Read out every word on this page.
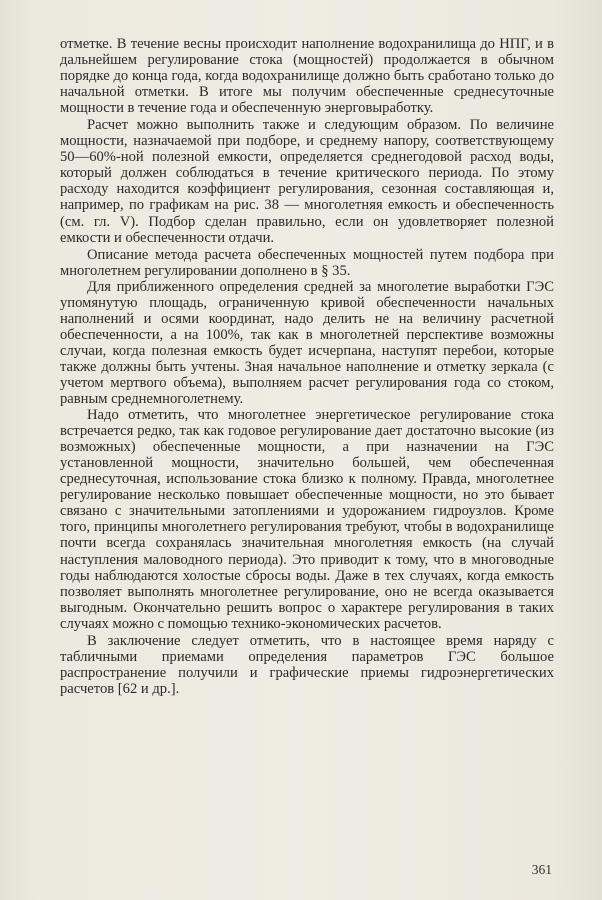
отметке. В течение весны происходит наполнение водохранилища до НПГ, и в дальнейшем регулирование стока (мощностей) продолжается в обычном порядке до конца года, когда водохранилище должно быть сработано только до начальной отметки. В итоге мы получим обеспеченные среднесуточные мощности в течение года и обеспеченную энерговыработку.

Расчет можно выполнить также и следующим образом. По величине мощности, назначаемой при подборе, и среднему напору, соответствующему 50—60%-ной полезной емкости, определяется среднегодовой расход воды, который должен соблюдаться в течение критического периода. По этому расходу находится коэффициент регулирования, сезонная составляющая и, например, по графикам на рис. 38 — многолетняя емкость и обеспеченность (см. гл. V). Подбор сделан правильно, если он удовлетворяет полезной емкости и обеспеченности отдачи.

Описание метода расчета обеспеченных мощностей путем подбора при многолетнем регулировании дополнено в § 35.

Для приближенного определения средней за многолетие выработки ГЭС упомянутую площадь, ограниченную кривой обеспеченности начальных наполнений и осями координат, надо делить не на величину расчетной обеспеченности, а на 100%, так как в многолетней перспективе возможны случаи, когда полезная емкость будет исчерпана, наступят перебои, которые также должны быть учтены. Зная начальное наполнение и отметку зеркала (с учетом мертвого объема), выполняем расчет регулирования года со стоком, равным среднемноголетнему.

Надо отметить, что многолетнее энергетическое регулирование стока встречается редко, так как годовое регулирование дает достаточно высокие (из возможных) обеспеченные мощности, а при назначении на ГЭС установленной мощности, значительно большей, чем обеспеченная среднесуточная, использование стока близко к полному. Правда, многолетнее регулирование несколько повышает обеспеченные мощности, но это бывает связано с значительными затоплениями и удорожанием гидроузлов. Кроме того, принципы многолетнего регулирования требуют, чтобы в водохранилище почти всегда сохранялась значительная многолетняя емкость (на случай наступления маловодного периода). Это приводит к тому, что в многоводные годы наблюдаются холостые сбросы воды. Даже в тех случаях, когда емкость позволяет выполнять многолетнее регулирование, оно не всегда оказывается выгодным. Окончательно решить вопрос о характере регулирования в таких случаях можно с помощью технико-экономических расчетов.

В заключение следует отметить, что в настоящее время наряду с табличными приемами определения параметров ГЭС большое распространение получили и графические приемы гидроэнергетических расчетов [62 и др.].

361
